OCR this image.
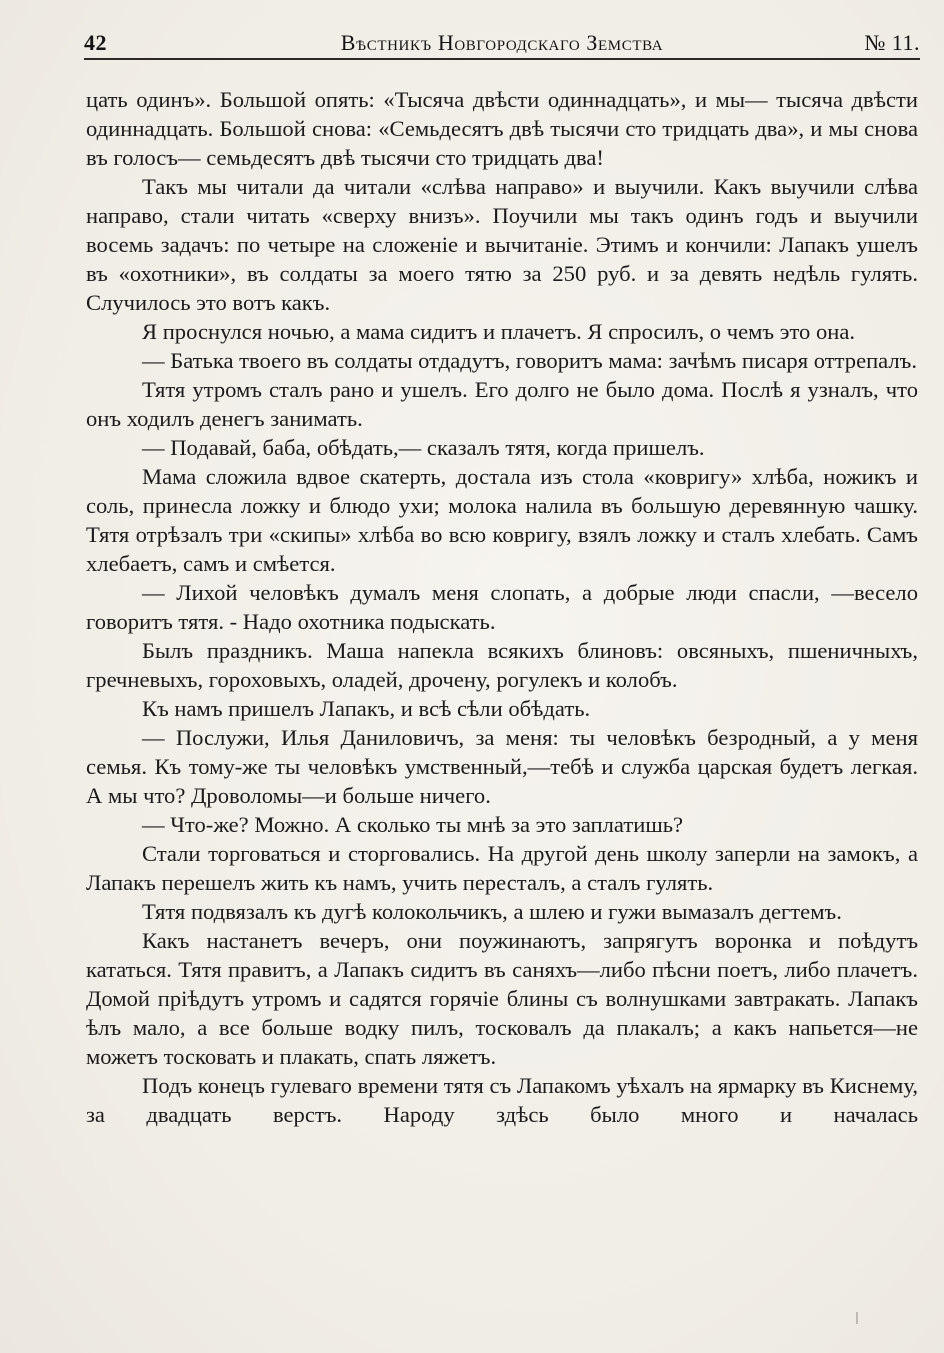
42	Вѣстникъ Новгородскаго Земства	№ 11.

цать одинъ». Большой опять: «Тысяча двѣсти одиннадцать», и мы— тысяча двѣсти одиннадцать. Большой снова: «Семьдесятъ двѣ тысячи сто тридцать два», и мы снова въ голосъ— семьдесятъ двѣ тысячи сто тридцать два!

Такъ мы читали да читали «слѣва направо» и выучили. Какъ выучили слѣва направо, стали читать «сверху внизъ». Поучили мы такъ одинъ годъ и выучили восемь задачъ: по четыре на сложеніе и вычитаніе. Этимъ и кончили: Лапакъ ушелъ въ «охотники», въ солдаты за моего тятю за 250 руб. и за девять недѣль гулять. Случилось это вотъ какъ.

Я проснулся ночью, а мама сидитъ и плачетъ. Я спросилъ, о чемъ это она.

— Батька твоего въ солдаты отдадутъ, говоритъ мама: зачѣмъ писаря оттрепалъ.

Тятя утромъ сталъ рано и ушелъ. Его долго не было дома. Послѣ я узналъ, что онъ ходилъ денегъ занимать.

— Подавай, баба, обѣдать,— сказалъ тятя, когда пришелъ.

Мама сложила вдвое скатерть, достала изъ стола «ковригу» хлѣба, ножикъ и соль, принесла ложку и блюдо ухи; молока налила въ большую деревянную чашку. Тятя отрѣзалъ три «скипы» хлѣба во всю ковригу, взялъ ложку и сталъ хлебать. Самъ хлебаетъ, самъ и смѣется.

— Лихой человѣкъ думалъ меня слопать, а добрые люди спасли, —весело говоритъ тятя. - Надо охотника подыскать.

Былъ праздникъ. Маша напекла всякихъ блиновъ: овсяныхъ, пшеничныхъ, гречневыхъ, гороховыхъ, оладей, дрочену, рогулекъ и колобъ.

Къ намъ пришелъ Лапакъ, и всѣ сѣли обѣдать.

— Послужи, Илья Даниловичъ, за меня: ты человѣкъ безродный, а у меня семья. Къ тому-же ты человѣкъ умственный,—тебѣ и служба царская будетъ легкая. А мы что? Дроволомы—и больше ничего.

— Что-же? Можно. А сколько ты мнѣ за это заплатишь?

Стали торговаться и сторговались. На другой день школу заперли на замокъ, а Лапакъ перешелъ жить къ намъ, учить пересталъ, а сталъ гулять.

Тятя подвязалъ къ дугѣ колокольчикъ, а шлею и гужи вымазалъ дегтемъ.

Какъ настанетъ вечеръ, они поужинаютъ, запрягутъ воронка и поѣдутъ кататься. Тятя правитъ, а Лапакъ сидитъ въ саняхъ—либо пѣсни поетъ, либо плачетъ. Домой пріѣдутъ утромъ и садятся горячіе блины съ волнушками завтракать. Лапакъ ѣлъ мало, а все больше водку пилъ, тосковалъ да плакалъ; а какъ напьется—не можетъ тосковать и плакать, спать ляжетъ.

Подъ конецъ гулеваго времени тятя съ Лапакомъ уѣхалъ на ярмарку въ Киснему, за двадцать верстъ. Народу здѣсь было много и началась
